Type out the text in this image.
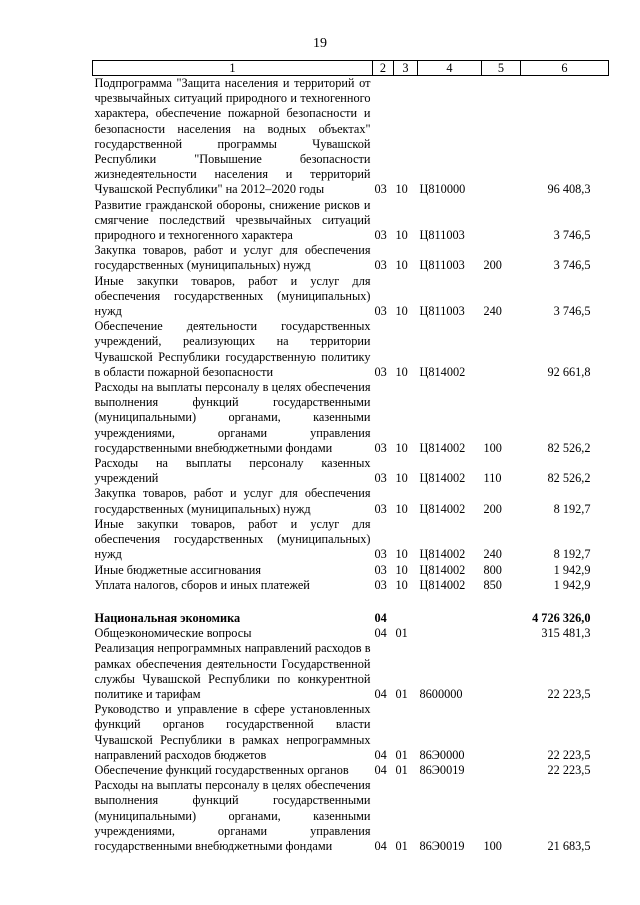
19
1	2	3	4	5	6
Подпрограмма "Защита населения и территорий от чрезвычайных ситуаций природного и техногенного характера, обеспечение пожарной безопасности и безопасности населения на водных объектах" государственной программы Чувашской Республики "Повышение безопасности жизнедеятельности населения и территорий Чувашской Республики" на 2012–2020 годы	03	10	Ц810000		96 408,3
Развитие гражданской обороны, снижение рисков и смягчение последствий чрезвычайных ситуаций природного и техногенного характера	03	10	Ц811003		3 746,5
Закупка товаров, работ и услуг для обеспечения государственных (муниципальных) нужд	03	10	Ц811003	200	3 746,5
Иные закупки товаров, работ и услуг для обеспечения государственных (муниципальных) нужд	03	10	Ц811003	240	3 746,5
Обеспечение деятельности государственных учреждений, реализующих на территории Чувашской Республики государственную политику в области пожарной безопасности	03	10	Ц814002		92 661,8
Расходы на выплаты персоналу в целях обеспечения выполнения функций государственными (муниципальными) органами, казенными учреждениями, органами управления государственными внебюджетными фондами	03	10	Ц814002	100	82 526,2
Расходы на выплаты персоналу казенных учреждений	03	10	Ц814002	110	82 526,2
Закупка товаров, работ и услуг для обеспечения государственных (муниципальных) нужд	03	10	Ц814002	200	8 192,7
Иные закупки товаров, работ и услуг для обеспечения государственных (муниципальных) нужд	03	10	Ц814002	240	8 192,7
Иные бюджетные ассигнования	03	10	Ц814002	800	1 942,9
Уплата налогов, сборов и иных платежей	03	10	Ц814002	850	1 942,9

Национальная экономика	04				4 726 326,0
Общеэкономические вопросы	04	01			315 481,3
Реализация непрограммных направлений расходов в рамках обеспечения деятельности Государственной службы Чувашской Республики по конкурентной политике и тарифам	04	01	8600000		22 223,5
Руководство и управление в сфере установленных функций органов государственной власти Чувашской Республики в рамках непрограммных направлений расходов бюджетов	04	01	86Э0000		22 223,5
Обеспечение функций государственных органов	04	01	86Э0019		22 223,5
Расходы на выплаты персоналу в целях обеспечения выполнения функций государственными (муниципальными) органами, казенными учреждениями, органами управления государственными внебюджетными фондами	04	01	86Э0019	100	21 683,5
